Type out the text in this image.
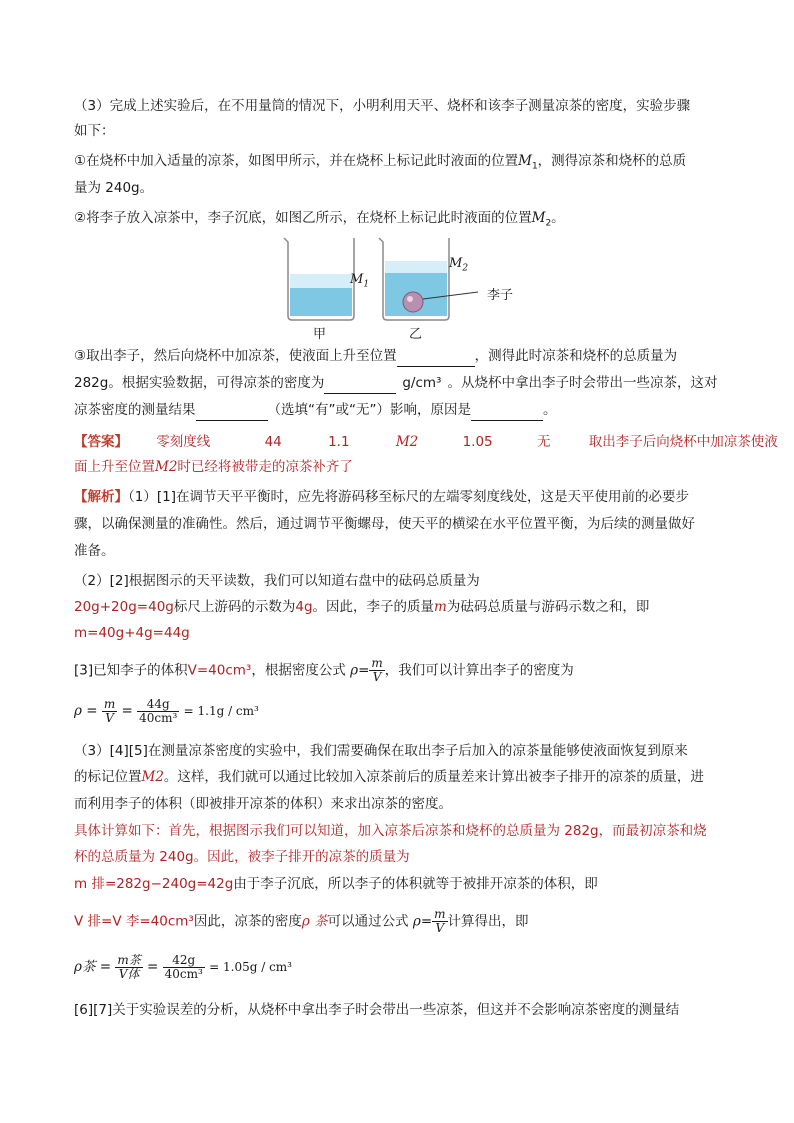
（3）完成上述实验后，在不用量筒的情况下，小明利用天平、烧杯和该李子测量凉茶的密度，实验步骤
如下：
①在烧杯中加入适量的凉茶，如图甲所示，并在烧杯上标记此时液面的位置$M_1$，测得凉茶和烧杯的总质
量为 240g。
②将李子放入凉茶中，李子沉底，如图乙所示，在烧杯上标记此时液面的位置$M_2$。
$M_1$
$M_2$
李子
甲	乙
③取出李子，然后向烧杯中加凉茶，使液面上升至位置	，测得此时凉茶和烧杯的总质量为
282g。根据实验数据，可得凉茶的密度为	g/cm³ 。从烧杯中拿出李子时会带出一些凉茶，这对
凉茶密度的测量结果	（选填“有”或“无”）影响，原因是	。
【答案】 零刻度线	44	1.1	M2	1.05	无	取出李子后向烧杯中加凉茶使液
面上升至位置M2时已经将被带走的凉茶补齐了
【解析】（1）[1]在调节天平平衡时，应先将游码移至标尺的左端零刻度线处，这是天平使用前的必要步
骤，以确保测量的准确性。然后，通过调节平衡螺母，使天平的横梁在水平位置平衡，为后续的测量做好
准备。
（2）[2]根据图示的天平读数，我们可以知道右盘中的砝码总质量为
20g+20g=40g标尺上游码的示数为4g。因此，李子的质量m为砝码总质量与游码示数之和，即
m=40g+4g=44g
[3]已知李子的体积V=40cm³，根据密度公式 $\rho= \frac{m}{V}$ ，我们可以计算出李子的密度为
$\rho = \frac{m}{V} = \frac{44g}{\text{40cm³}} = 1.1g / cm^3$
（3）[4][5]在测量凉茶密度的实验中，我们需要确保在取出李子后加入的凉茶量能够使液面恢复到原来
的标记位置M2。这样，我们就可以通过比较加入凉茶前后的质量差来计算出被李子排开的凉茶的质量，进
而利用李子的体积（即被排开凉茶的体积）来求出凉茶的密度。
具体计算如下：首先，根据图示我们可以知道，加入凉茶后凉茶和烧杯的总质量为 282g，而最初凉茶和烧
杯的总质量为 240g。因此，被李子排开的凉茶的质量为
m 排=282g−240g=42g由于李子沉底，所以李子的体积就等于被排开凉茶的体积，即
V 排=V 李=40cm³因此，凉茶的密度ρ 茶可以通过公式 $\rho= \frac{m}{V}$ 计算得出，即
ρ茶 = $\frac{\text{m茶}}{\text{V体}} = \frac{42g}{\text{40cm³}} = 1.05g / cm^3$
[6][7]关于实验误差的分析，从烧杯中拿出李子时会带出一些凉茶，但这并不会影响凉茶密度的测量结
